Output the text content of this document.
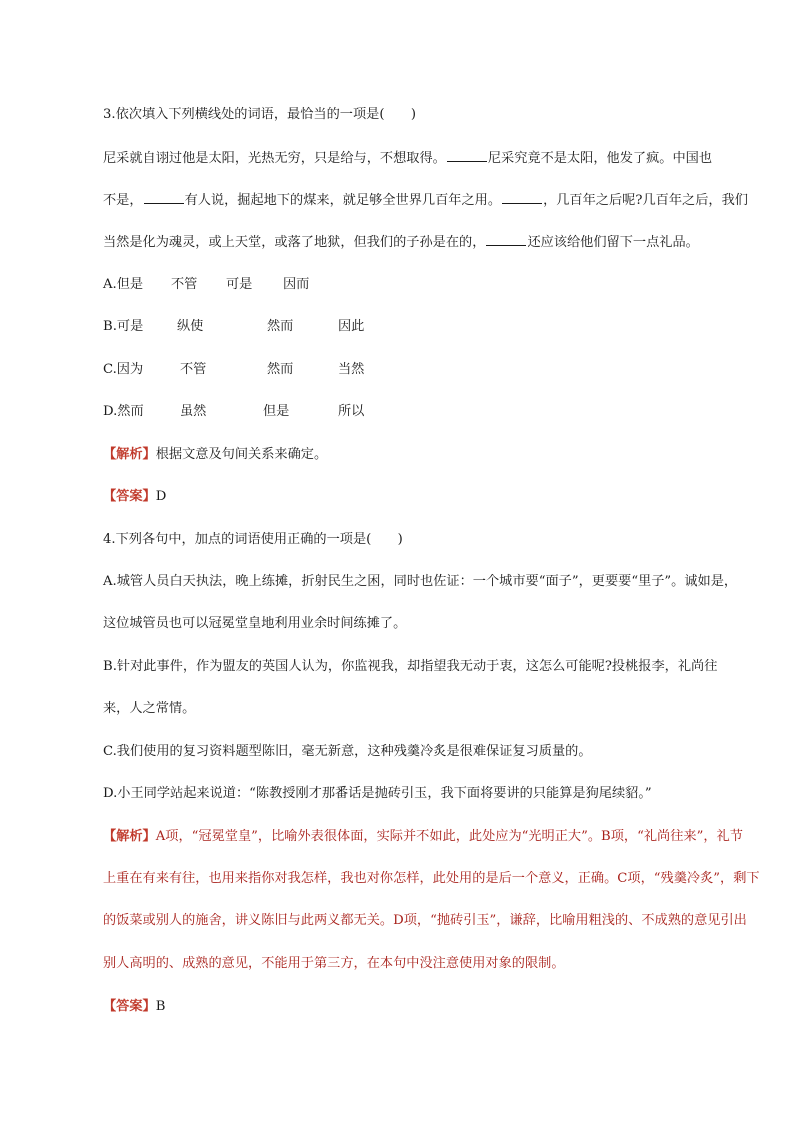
3.依次填入下列横线处的词语，最恰当的一项是(　　)
尼采就自诩过他是太阳，光热无穷，只是给与，不想取得。	尼采究竟不是太阳，他发了疯。中国也
不是，	有人说，掘起地下的煤来，就足够全世界几百年之用。	，几百年之后呢?几百年之后，我们
当然是化为魂灵，或上天堂，或落了地狱，但我们的子孙是在的，	还应该给他们留下一点礼品。
A.但是 不管 可是 因而
B.可是	纵使	然而	因此
C.因为	不管	然而	当然
D.然而	虽然	但是	所以
【解析】根据文意及句间关系来确定。
【答案】D
4.下列各句中，加点的词语使用正确的一项是(　　)
A.城管人员白天执法，晚上练摊，折射民生之困，同时也佐证：一个城市要“面子”，更要要“里子”。诚如是，
这位城管员也可以冠冕堂皇地利用业余时间练摊了。
B.针对此事件，作为盟友的英国人认为，你监视我，却指望我无动于衷，这怎么可能呢?投桃报李，礼尚往
来，人之常情。
C.我们使用的复习资料题型陈旧，毫无新意，这种残羹冷炙是很难保证复习质量的。
D.小王同学站起来说道：“陈教授刚才那番话是抛砖引玉，我下面将要讲的只能算是狗尾续貂。”
【解析】A项，“冠冕堂皇”，比喻外表很体面，实际并不如此，此处应为“光明正大”。B项，“礼尚往来”，礼节
上重在有来有往，也用来指你对我怎样，我也对你怎样，此处用的是后一个意义，正确。C项，“残羹冷炙”，剩下
的饭菜或别人的施舍，讲义陈旧与此两义都无关。D项，“抛砖引玉”，谦辞，比喻用粗浅的、不成熟的意见引出
别人高明的、成熟的意见，不能用于第三方，在本句中没注意使用对象的限制。
【答案】B
